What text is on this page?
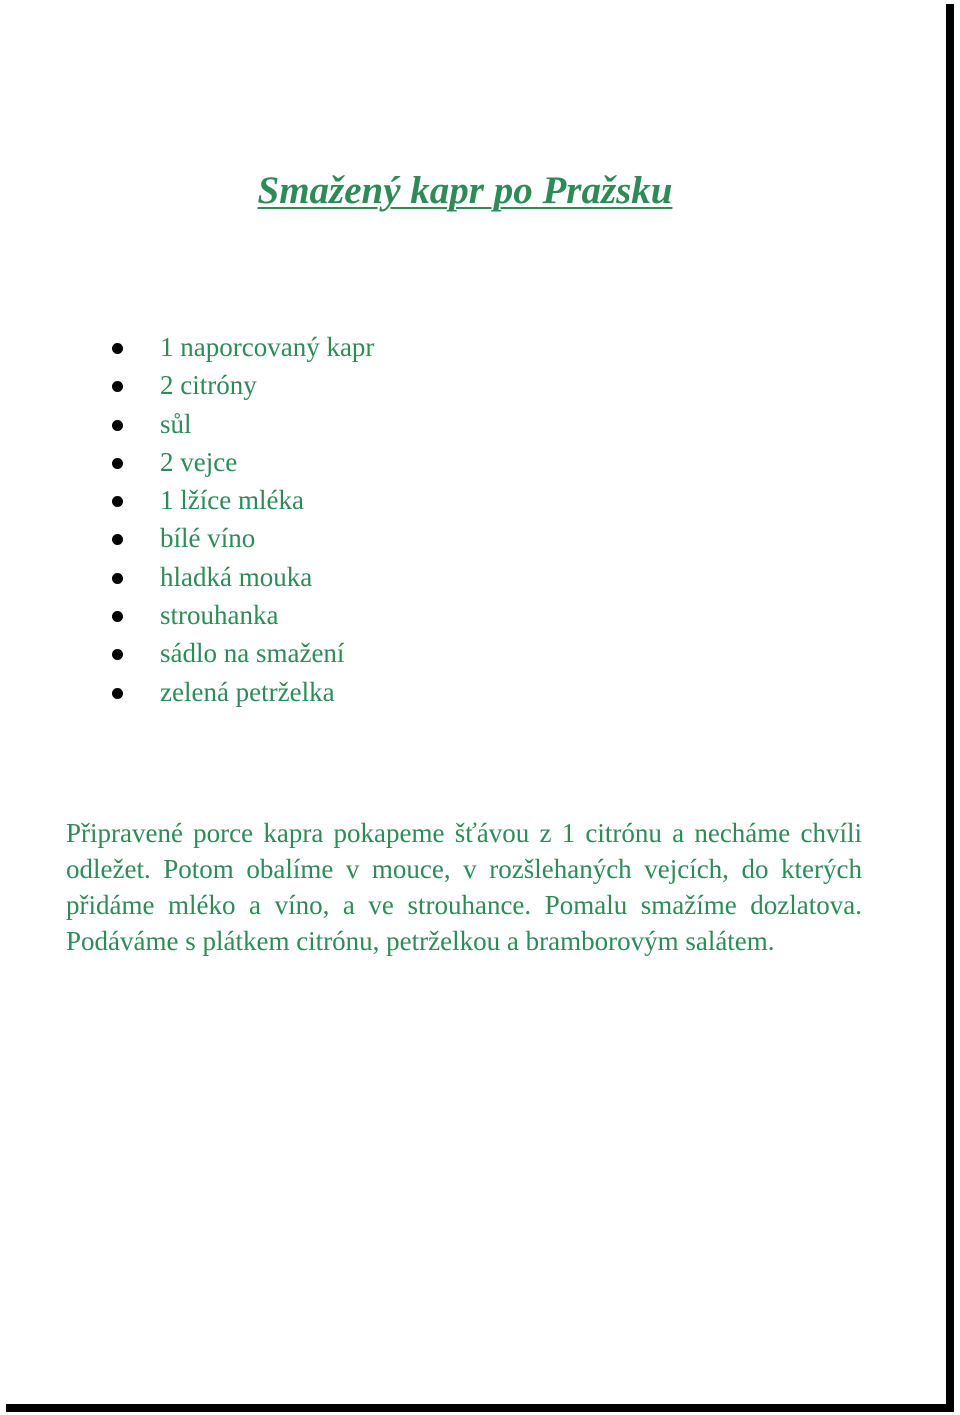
Smažený kapr po Pražsku
1 naporcovaný kapr
2 citróny
sůl
2 vejce
1 lžíce mléka
bílé víno
hladká mouka
strouhanka
sádlo na smažení
zelená petrželka

Připravené porce kapra pokapeme šťávou z 1 citrónu a necháme chvíli odležet. Potom obalíme v mouce, v rozšlehaných vejcích, do kterých přidáme mléko a víno, a ve strouhance. Pomalu smažíme dozlatova. Podáváme s plátkem citrónu, petrželkou a bramborovým salátem.
